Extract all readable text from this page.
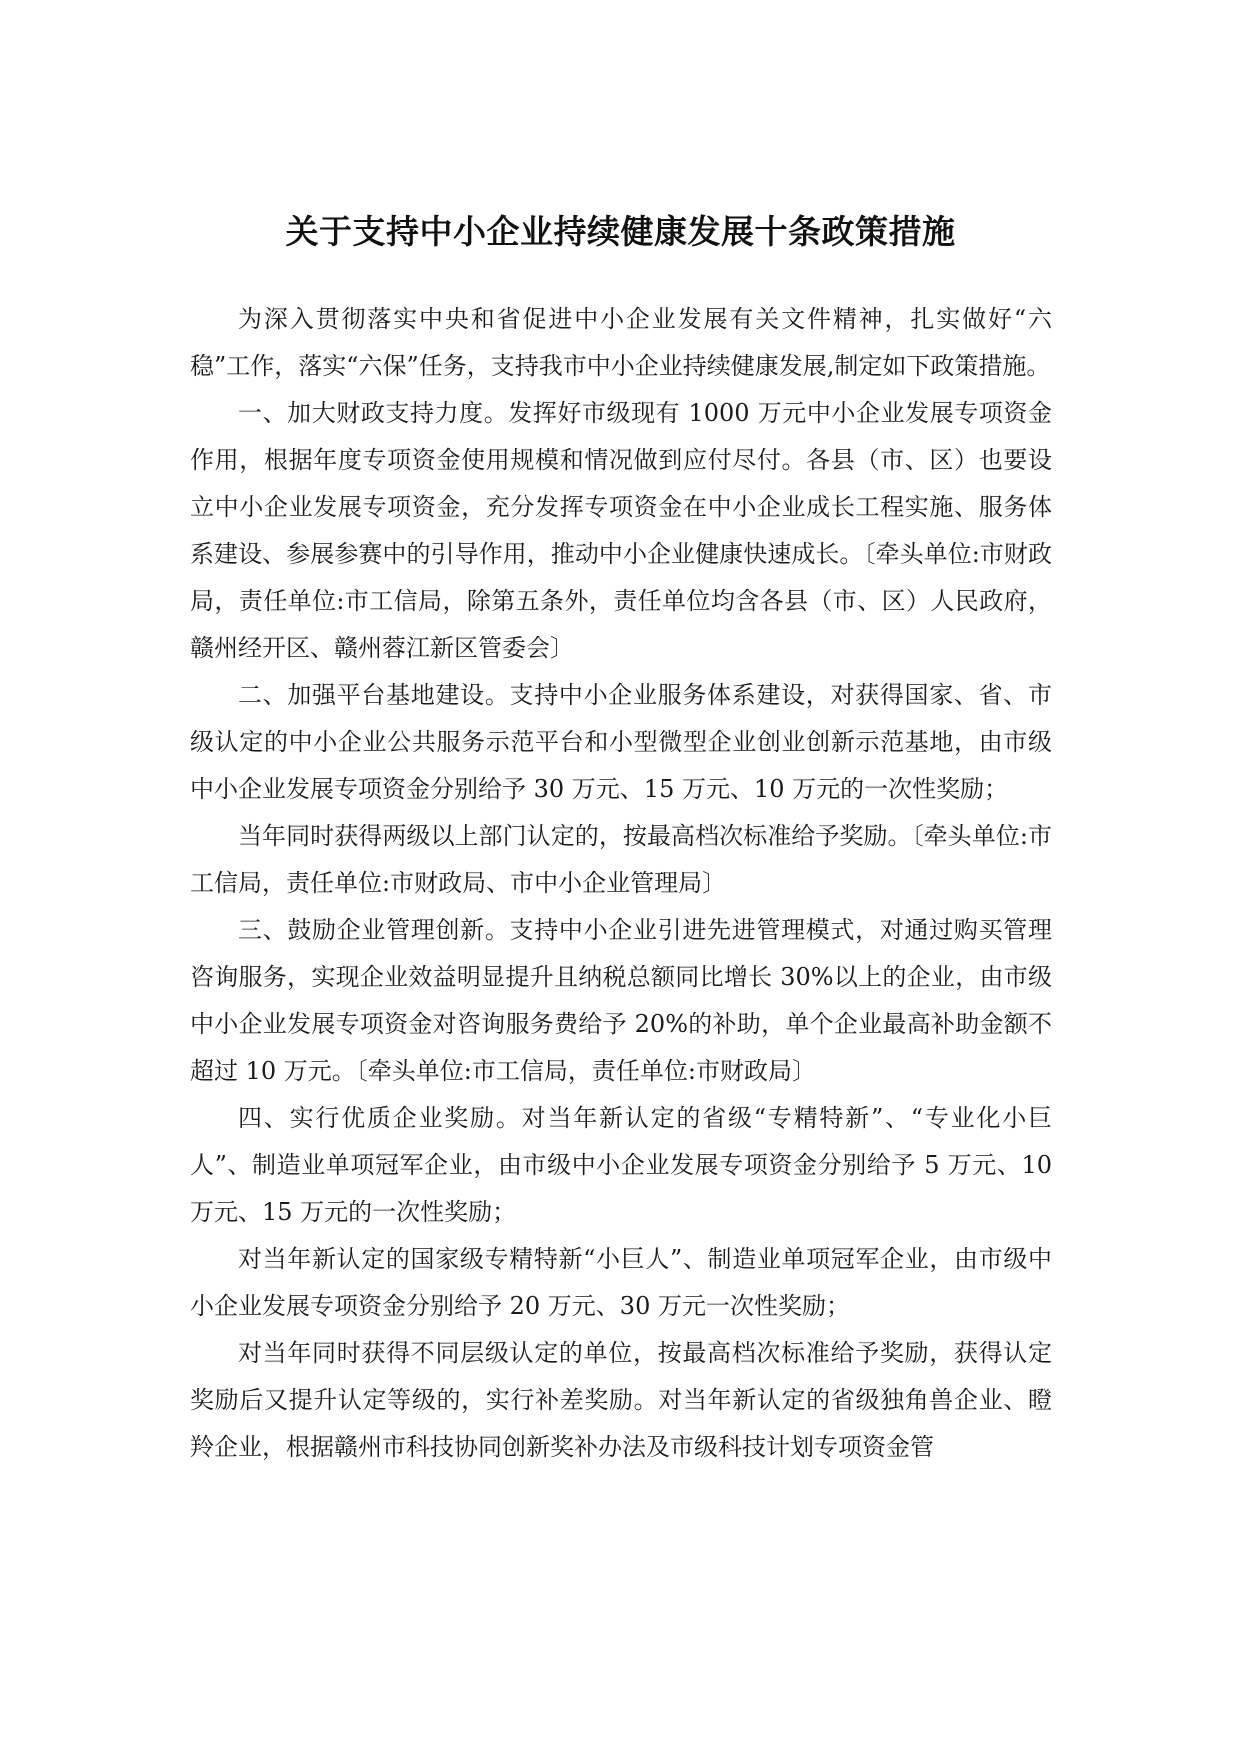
关于支持中小企业持续健康发展十条政策措施

为深入贯彻落实中央和省促进中小企业发展有关文件精神，扎实做好“六稳”工作，落实“六保”任务，支持我市中小企业持续健康发展,制定如下政策措施。

一、加大财政支持力度。发挥好市级现有 1000 万元中小企业发展专项资金作用，根据年度专项资金使用规模和情况做到应付尽付。各县（市、区）也要设立中小企业发展专项资金，充分发挥专项资金在中小企业成长工程实施、服务体系建设、参展参赛中的引导作用，推动中小企业健康快速成长。〔牵头单位:市财政局，责任单位:市工信局，除第五条外，责任单位均含各县（市、区）人民政府，赣州经开区、赣州蓉江新区管委会〕

二、加强平台基地建设。支持中小企业服务体系建设，对获得国家、省、市级认定的中小企业公共服务示范平台和小型微型企业创业创新示范基地，由市级中小企业发展专项资金分别给予 30 万元、15 万元、10 万元的一次性奖励；

当年同时获得两级以上部门认定的，按最高档次标准给予奖励。〔牵头单位:市工信局，责任单位:市财政局、市中小企业管理局〕

三、鼓励企业管理创新。支持中小企业引进先进管理模式，对通过购买管理咨询服务，实现企业效益明显提升且纳税总额同比增长 30%以上的企业，由市级中小企业发展专项资金对咨询服务费给予 20%的补助，单个企业最高补助金额不超过 10 万元。〔牵头单位:市工信局，责任单位:市财政局〕

四、实行优质企业奖励。对当年新认定的省级“专精特新”、“专业化小巨人”、制造业单项冠军企业，由市级中小企业发展专项资金分别给予 5 万元、10 万元、15 万元的一次性奖励；

对当年新认定的国家级专精特新“小巨人”、制造业单项冠军企业，由市级中小企业发展专项资金分别给予 20 万元、30 万元一次性奖励；

对当年同时获得不同层级认定的单位，按最高档次标准给予奖励，获得认定奖励后又提升认定等级的，实行补差奖励。对当年新认定的省级独角兽企业、瞪羚企业，根据赣州市科技协同创新奖补办法及市级科技计划专项资金管
